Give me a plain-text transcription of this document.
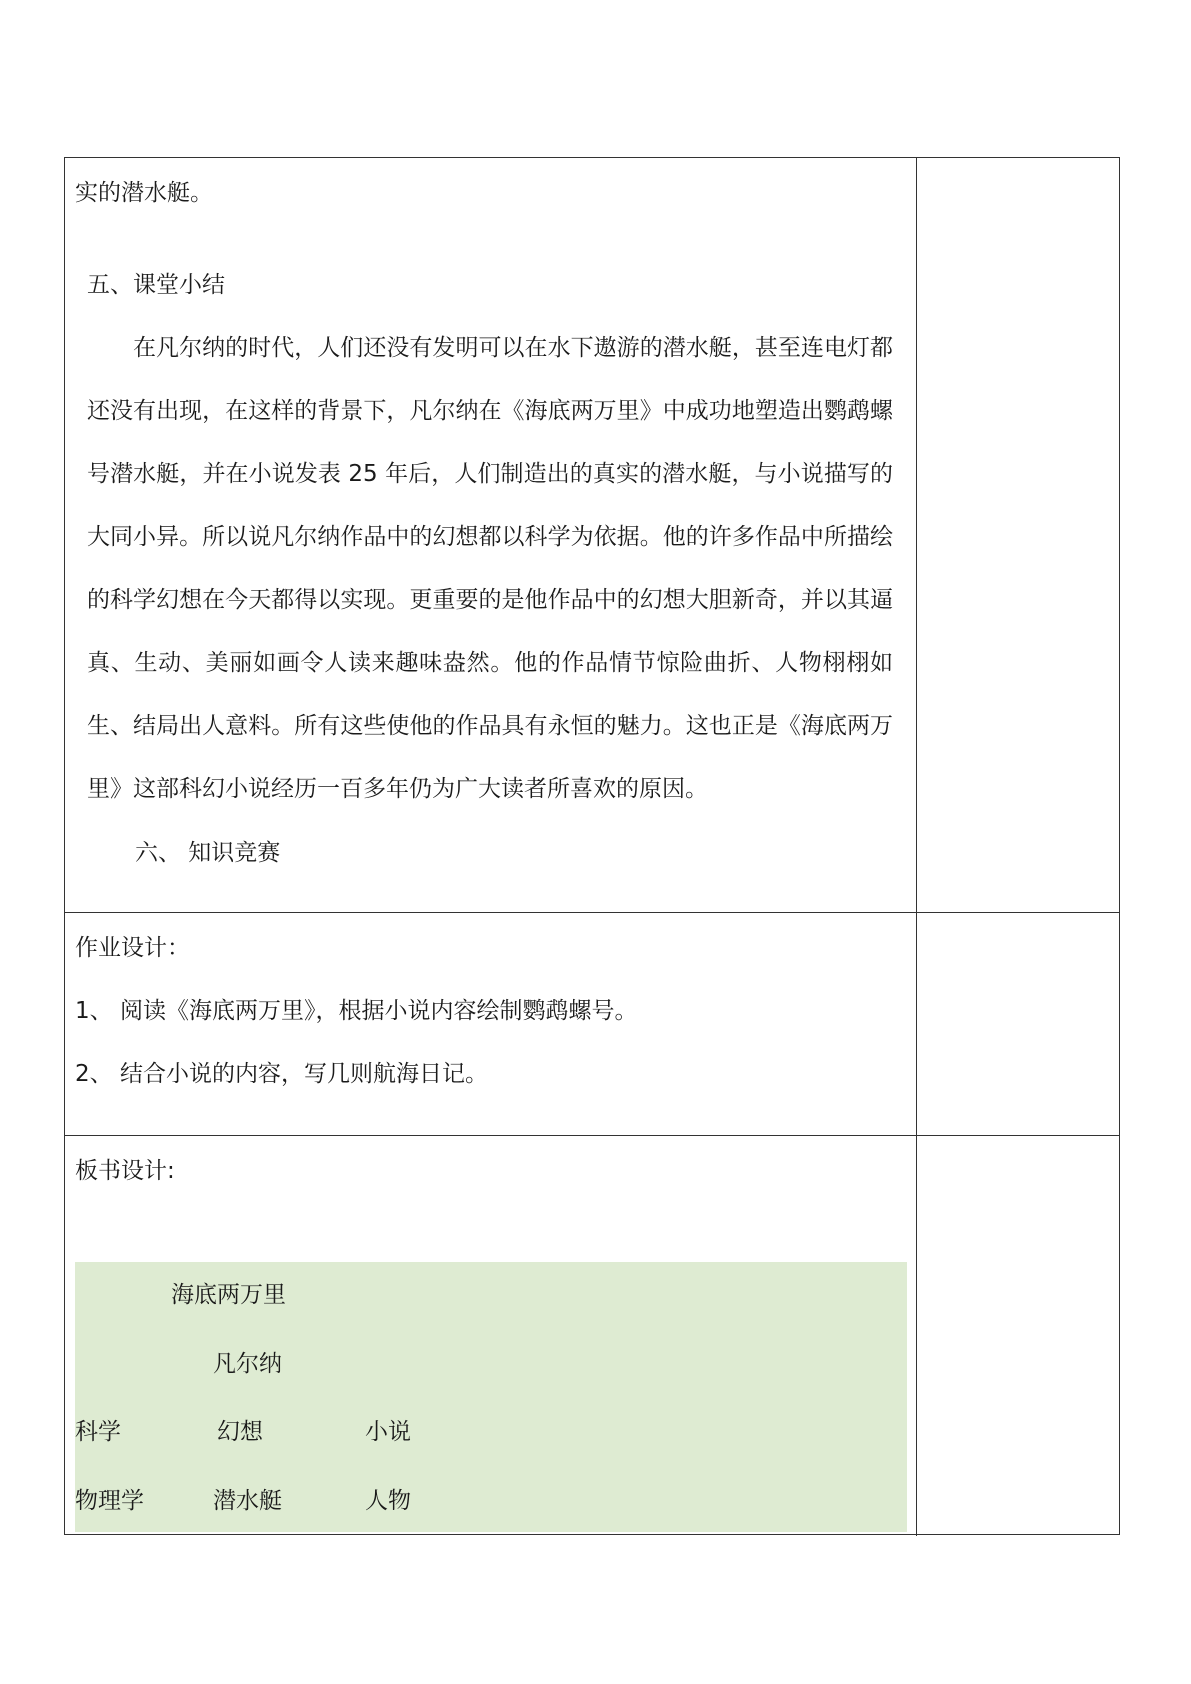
实的潜水艇。
五、课堂小结
在凡尔纳的时代，人们还没有发明可以在水下遨游的潜水艇，甚至连电灯都还没有出现，在这样的背景下，凡尔纳在《海底两万里》中成功地塑造出鹦鹉螺号潜水艇，并在小说发表 25 年后，人们制造出的真实的潜水艇，与小说描写的大同小异。所以说凡尔纳作品中的幻想都以科学为依据。他的许多作品中所描绘的科学幻想在今天都得以实现。更重要的是他作品中的幻想大胆新奇，并以其逼真、生动、美丽如画令人读来趣味盎然。他的作品情节惊险曲折、人物栩栩如生、结局出人意料。所有这些使他的作品具有永恒的魅力。这也正是《海底两万里》这部科幻小说经历一百多年仍为广大读者所喜欢的原因。
六、 知识竞赛
作业设计：
1、 阅读《海底两万里》，根据小说内容绘制鹦鹉螺号。
2、 结合小说的内容，写几则航海日记。
板书设计:
海底两万里
凡尔纳
科学	幻想	小说
物理学	潜水艇	人物
